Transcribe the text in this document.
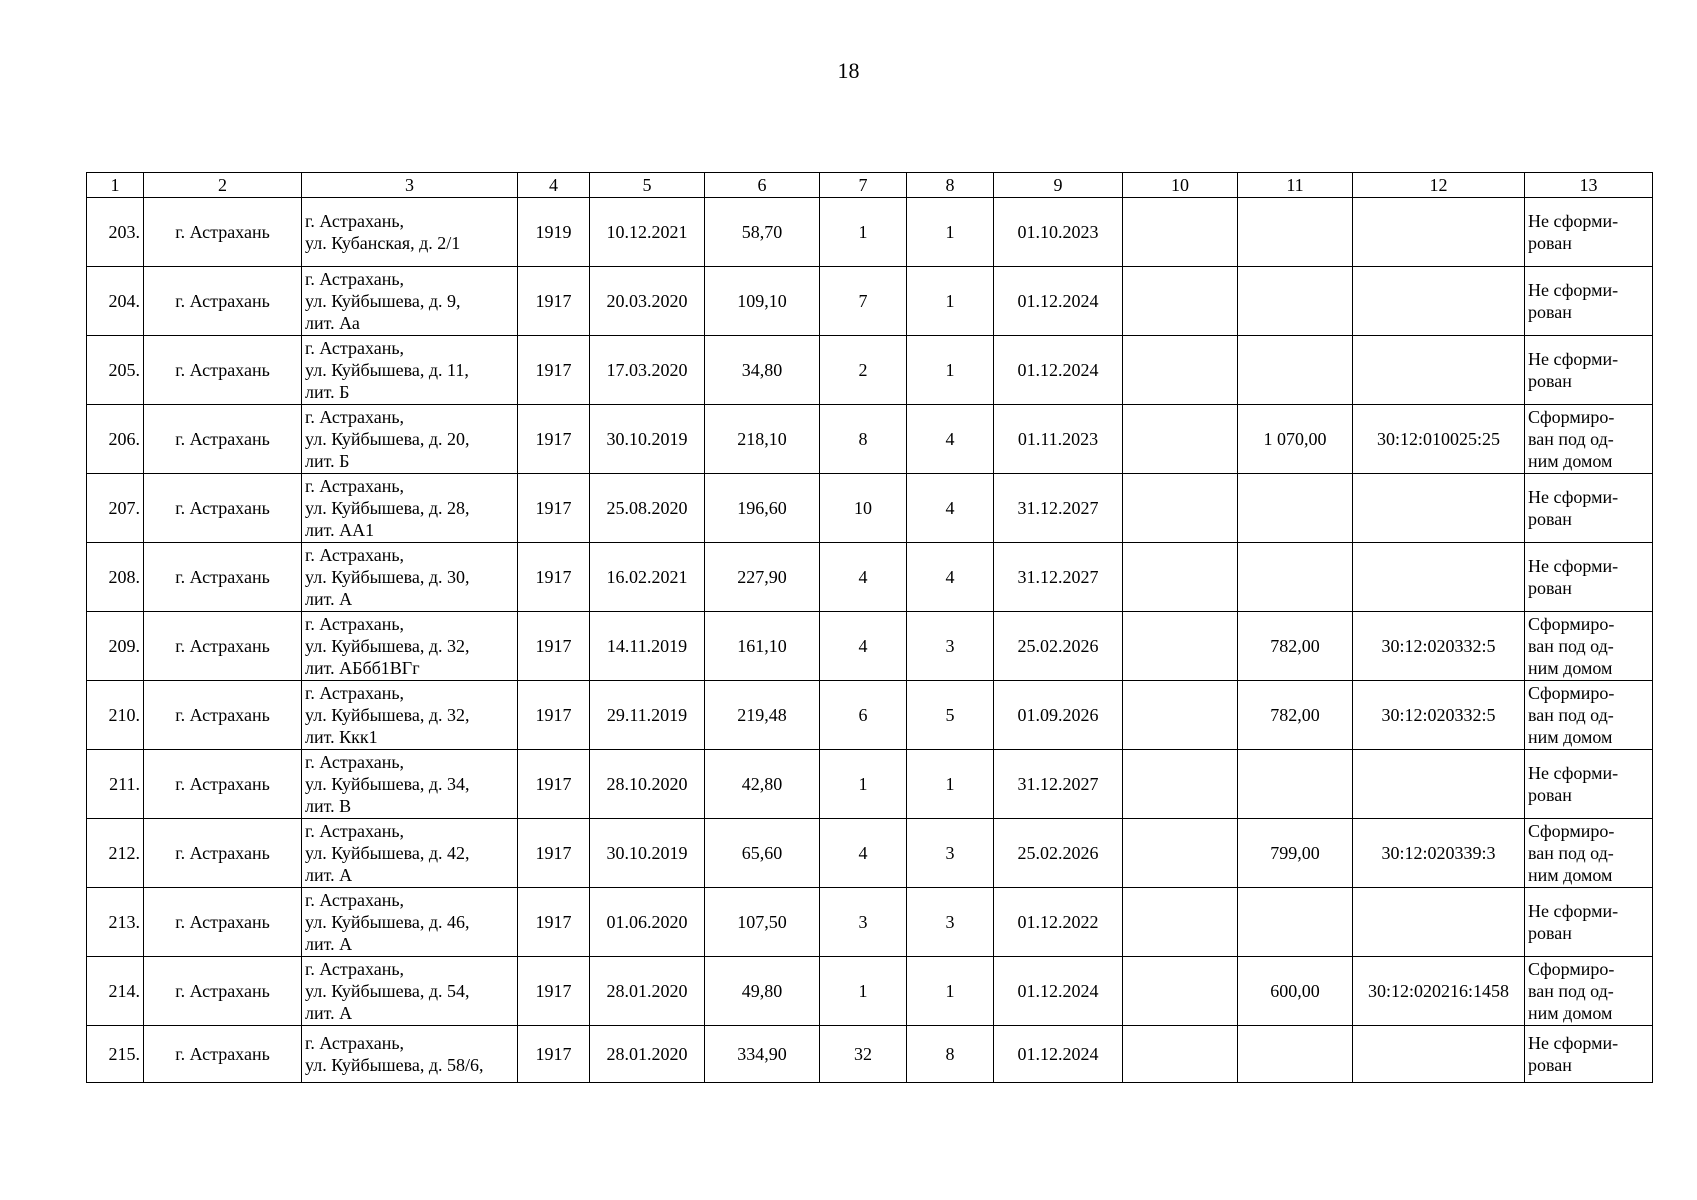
18
1	2	3	4	5	6	7	8	9	10	11	12	13
203.	г. Астрахань	г. Астрахань,
ул. Кубанская, д. 2/1	1919	10.12.2021	58,70	1	1	01.10.2023				Не сформи-
рован

204.	г. Астрахань	г. Астрахань,
ул. Куйбышева, д. 9,
лит. Аа	1917	20.03.2020	109,10	7	1	01.12.2024				Не сформи-
рован

205.	г. Астрахань	г. Астрахань,
ул. Куйбышева, д. 11,
лит. Б	1917	17.03.2020	34,80	2	1	01.12.2024				Не сформи-
рован

206.	г. Астрахань	г. Астрахань,
ул. Куйбышева, д. 20,
лит. Б	1917	30.10.2019	218,10	8	4	01.11.2023		1 070,00	30:12:010025:25	Сформиро-
ван под од-
ним домом

207.	г. Астрахань	г. Астрахань,
ул. Куйбышева, д. 28,
лит. АА1	1917	25.08.2020	196,60	10	4	31.12.2027				Не сформи-
рован

208.	г. Астрахань	г. Астрахань,
ул. Куйбышева, д. 30,
лит. А	1917	16.02.2021	227,90	4	4	31.12.2027				Не сформи-
рован

209.	г. Астрахань	г. Астрахань,
ул. Куйбышева, д. 32,
лит. АБбб1ВГг	1917	14.11.2019	161,10	4	3	25.02.2026		782,00	30:12:020332:5	Сформиро-
ван под од-
ним домом

210.	г. Астрахань	г. Астрахань,
ул. Куйбышева, д. 32,
лит. Ккк1	1917	29.11.2019	219,48	6	5	01.09.2026		782,00	30:12:020332:5	Сформиро-
ван под од-
ним домом

211.	г. Астрахань	г. Астрахань,
ул. Куйбышева, д. 34,
лит. В	1917	28.10.2020	42,80	1	1	31.12.2027				Не сформи-
рован

212.	г. Астрахань	г. Астрахань,
ул. Куйбышева, д. 42,
лит. А	1917	30.10.2019	65,60	4	3	25.02.2026		799,00	30:12:020339:3	Сформиро-
ван под од-
ним домом

213.	г. Астрахань	г. Астрахань,
ул. Куйбышева, д. 46,
лит. А	1917	01.06.2020	107,50	3	3	01.12.2022				Не сформи-
рован

214.	г. Астрахань	г. Астрахань,
ул. Куйбышева, д. 54,
лит. А	1917	28.01.2020	49,80	1	1	01.12.2024		600,00	30:12:020216:1458	Сформиро-
ван под од-
ним домом

215.	г. Астрахань	г. Астрахань,
ул. Куйбышева, д. 58/6,	1917	28.01.2020	334,90	32	8	01.12.2024				Не сформи-
рован
